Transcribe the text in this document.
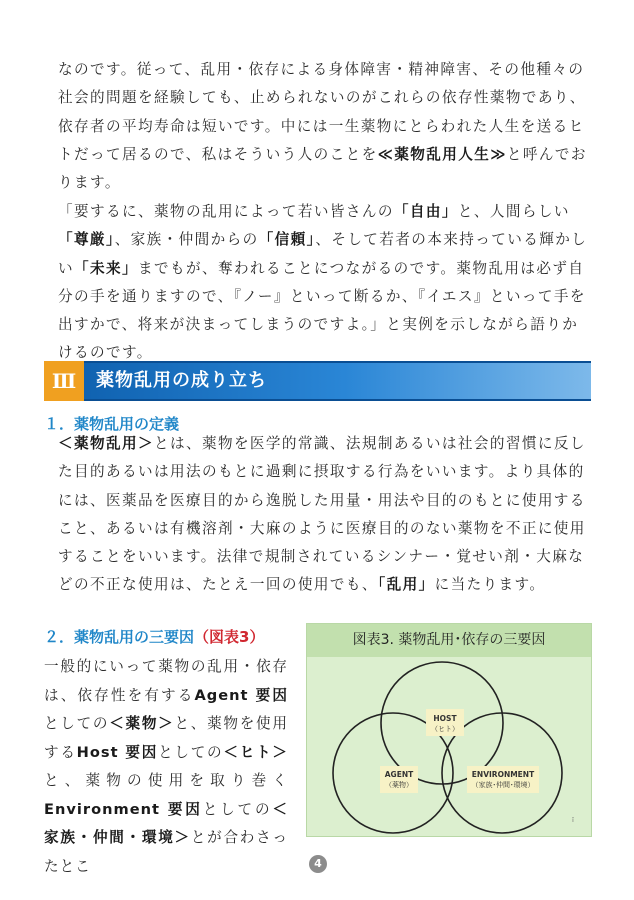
なのです。従って、乱用・依存による身体障害・精神障害、その他種々の社会的問題を経験しても、止められないのがこれらの依存性薬物であり、依存者の平均寿命は短いです。中には一生薬物にとらわれた人生を送るヒトだって居るので、私はそういう人のことを≪薬物乱用人生≫と呼んでおります。

「要するに、薬物の乱用によって若い皆さんの「自由」と、人間らしい「尊厳」、家族・仲間からの「信頼」、そして若者の本来持っている輝かしい「未来」までもが、奪われることにつながるのです。薬物乱用は必ず自分の手を通りますので、『ノー』といって断るか、『イエス』といって手を出すかで、将来が決まってしまうのですよ。」と実例を示しながら語りかけるのです。

Ⅲ	薬物乱用の成り立ち
１．薬物乱用の定義

＜薬物乱用＞とは、薬物を医学的常識、法規制あるいは社会的習慣に反した目的あるいは用法のもとに過剰に摂取する行為をいいます。より具体的には、医薬品を医療目的から逸脱した用量・用法や目的のもとに使用すること、あるいは有機溶剤・大麻のように医療目的のない薬物を不正に使用することをいいます。法律で規制されているシンナー・覚せい剤・大麻などの不正な使用は、たとえ一回の使用でも、「乱用」に当たります。

２．薬物乱用の三要因（図表3）

一般的にいって薬物の乱用・依存は、依存性を有するAgent 要因としての＜薬物＞と、薬物を使用するHost 要因としての＜ヒト＞と、薬物の使用を取り巻くEnvironment 要因としての＜家族・仲間・環境＞とが合わさったとこ

図表3. 薬物乱用･依存の三要因
HOST
（ヒト）
AGENT
（薬物）
ENVIRONMENT
（家族･仲間･環境）
ï
4
